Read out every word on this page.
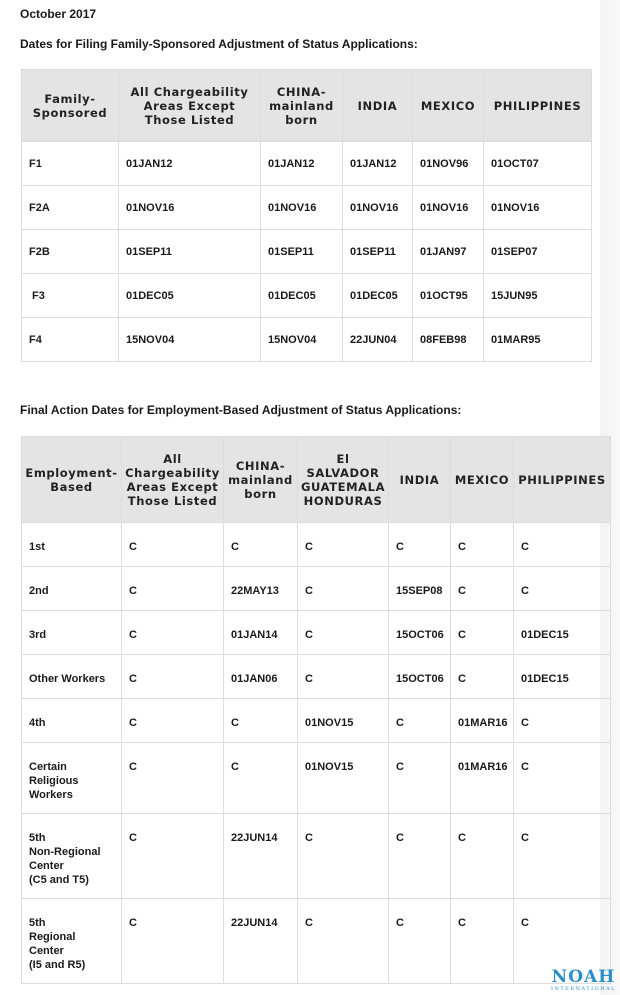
October 2017
Dates for Filing Family-Sponsored Adjustment of Status Applications:
Family-
Sponsored	All Chargeability
Areas Except
Those Listed	CHINA-
mainland
born	INDIA	MEXICO	PHILIPPINES
F1	01JAN12	01JAN12	01JAN12	01NOV96	01OCT07
F2A	01NOV16	01NOV16	01NOV16	01NOV16	01NOV16
F2B	01SEP11	01SEP11	01SEP11	01JAN97	01SEP07
F3	01DEC05	01DEC05	01DEC05	01OCT95	15JUN95
F4	15NOV04	15NOV04	22JUN04	08FEB98	01MAR95
Final Action Dates for Employment-Based Adjustment of Status Applications:
Employment-
Based	All
Chargeability
Areas Except
Those Listed	CHINA-
mainland
born	El
SALVADOR
GUATEMALA
HONDURAS	INDIA	MEXICO	PHILIPPINES
1st	C	C	C	C	C	C
2nd	C	22MAY13	C	15SEP08	C	C
3rd	C	01JAN14	C	15OCT06	C	01DEC15
Other Workers	C	01JAN06	C	15OCT06	C	01DEC15
4th	C	C	01NOV15	C	01MAR16	C
Certain
Religious
Workers	C	C	01NOV15	C	01MAR16	C
5th
Non-Regional
Center
(C5 and T5)	C	22JUN14	C	C	C	C
5th
Regional
Center
(I5 and R5)	C	22JUN14	C	C	C	C
NOAH
INTERNATIONAL
